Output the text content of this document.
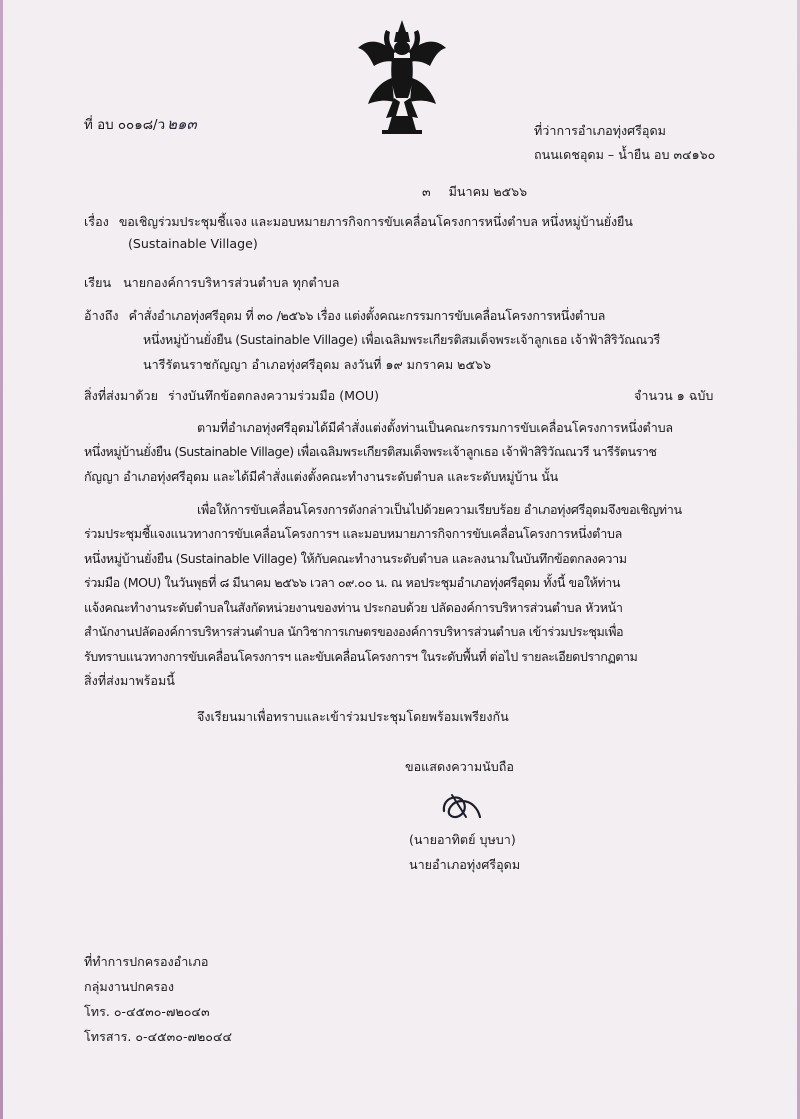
ที่ อบ ๐๐๑๘/ว ๒๑๓	ที่ว่าการอำเภอทุ่งศรีอุดม
ถนนเดชอุดม – น้ำยืน อบ ๓๔๑๖๐
๓ มีนาคม ๒๕๖๖
เรื่อง ขอเชิญร่วมประชุมชี้แจง และมอบหมายภารกิจการขับเคลื่อนโครงการหนึ่งตำบล หนึ่งหมู่บ้านยั่งยืน
(Sustainable Village)
เรียน นายกองค์การบริหารส่วนตำบล ทุกตำบล
อ้างถึง คำสั่งอำเภอทุ่งศรีอุดม ที่ ๓๐ /๒๕๖๖ เรื่อง แต่งตั้งคณะกรรมการขับเคลื่อนโครงการหนึ่งตำบล
หนึ่งหมู่บ้านยั่งยืน (Sustainable Village) เพื่อเฉลิมพระเกียรติสมเด็จพระเจ้าลูกเธอ เจ้าฟ้าสิริวัณณวรี
นารีรัตนราชกัญญา อำเภอทุ่งศรีอุดม ลงวันที่ ๑๙ มกราคม ๒๕๖๖
สิ่งที่ส่งมาด้วย ร่างบันทึกข้อตกลงความร่วมมือ (MOU)	จำนวน ๑ ฉบับ
ตามที่อำเภอทุ่งศรีอุดมได้มีคำสั่งแต่งตั้งท่านเป็นคณะกรรมการขับเคลื่อนโครงการหนึ่งตำบล
หนึ่งหมู่บ้านยั่งยืน (Sustainable Village) เพื่อเฉลิมพระเกียรติสมเด็จพระเจ้าลูกเธอ เจ้าฟ้าสิริวัณณวรี นารีรัตนราช
กัญญา อำเภอทุ่งศรีอุดม และได้มีคำสั่งแต่งตั้งคณะทำงานระดับตำบล และระดับหมู่บ้าน นั้น
เพื่อให้การขับเคลื่อนโครงการดังกล่าวเป็นไปด้วยความเรียบร้อย อำเภอทุ่งศรีอุดมจึงขอเชิญท่าน
ร่วมประชุมชี้แจงแนวทางการขับเคลื่อนโครงการฯ และมอบหมายภารกิจการขับเคลื่อนโครงการหนึ่งตำบล
หนึ่งหมู่บ้านยั่งยืน (Sustainable Village) ให้กับคณะทำงานระดับตำบล และลงนามในบันทึกข้อตกลงความ
ร่วมมือ (MOU) ในวันพุธที่ ๘ มีนาคม ๒๕๖๖ เวลา ๐๙.๐๐ น. ณ หอประชุมอำเภอทุ่งศรีอุดม ทั้งนี้ ขอให้ท่าน
แจ้งคณะทำงานระดับตำบลในสังกัดหน่วยงานของท่าน ประกอบด้วย ปลัดองค์การบริหารส่วนตำบล หัวหน้า
สำนักงานปลัดองค์การบริหารส่วนตำบล นักวิชาการเกษตรขององค์การบริหารส่วนตำบล เข้าร่วมประชุมเพื่อ
รับทราบแนวทางการขับเคลื่อนโครงการฯ และขับเคลื่อนโครงการฯ ในระดับพื้นที่ ต่อไป รายละเอียดปรากฏตาม
สิ่งที่ส่งมาพร้อมนี้
จึงเรียนมาเพื่อทราบและเข้าร่วมประชุมโดยพร้อมเพรียงกัน
ขอแสดงความนับถือ
(นายอาทิตย์ บุษบา)
นายอำเภอทุ่งศรีอุดม
ที่ทำการปกครองอำเภอ
กลุ่มงานปกครอง
โทร. ๐-๔๕๓๐-๗๒๐๔๓
โทรสาร. ๐-๔๕๓๐-๗๒๐๔๔
